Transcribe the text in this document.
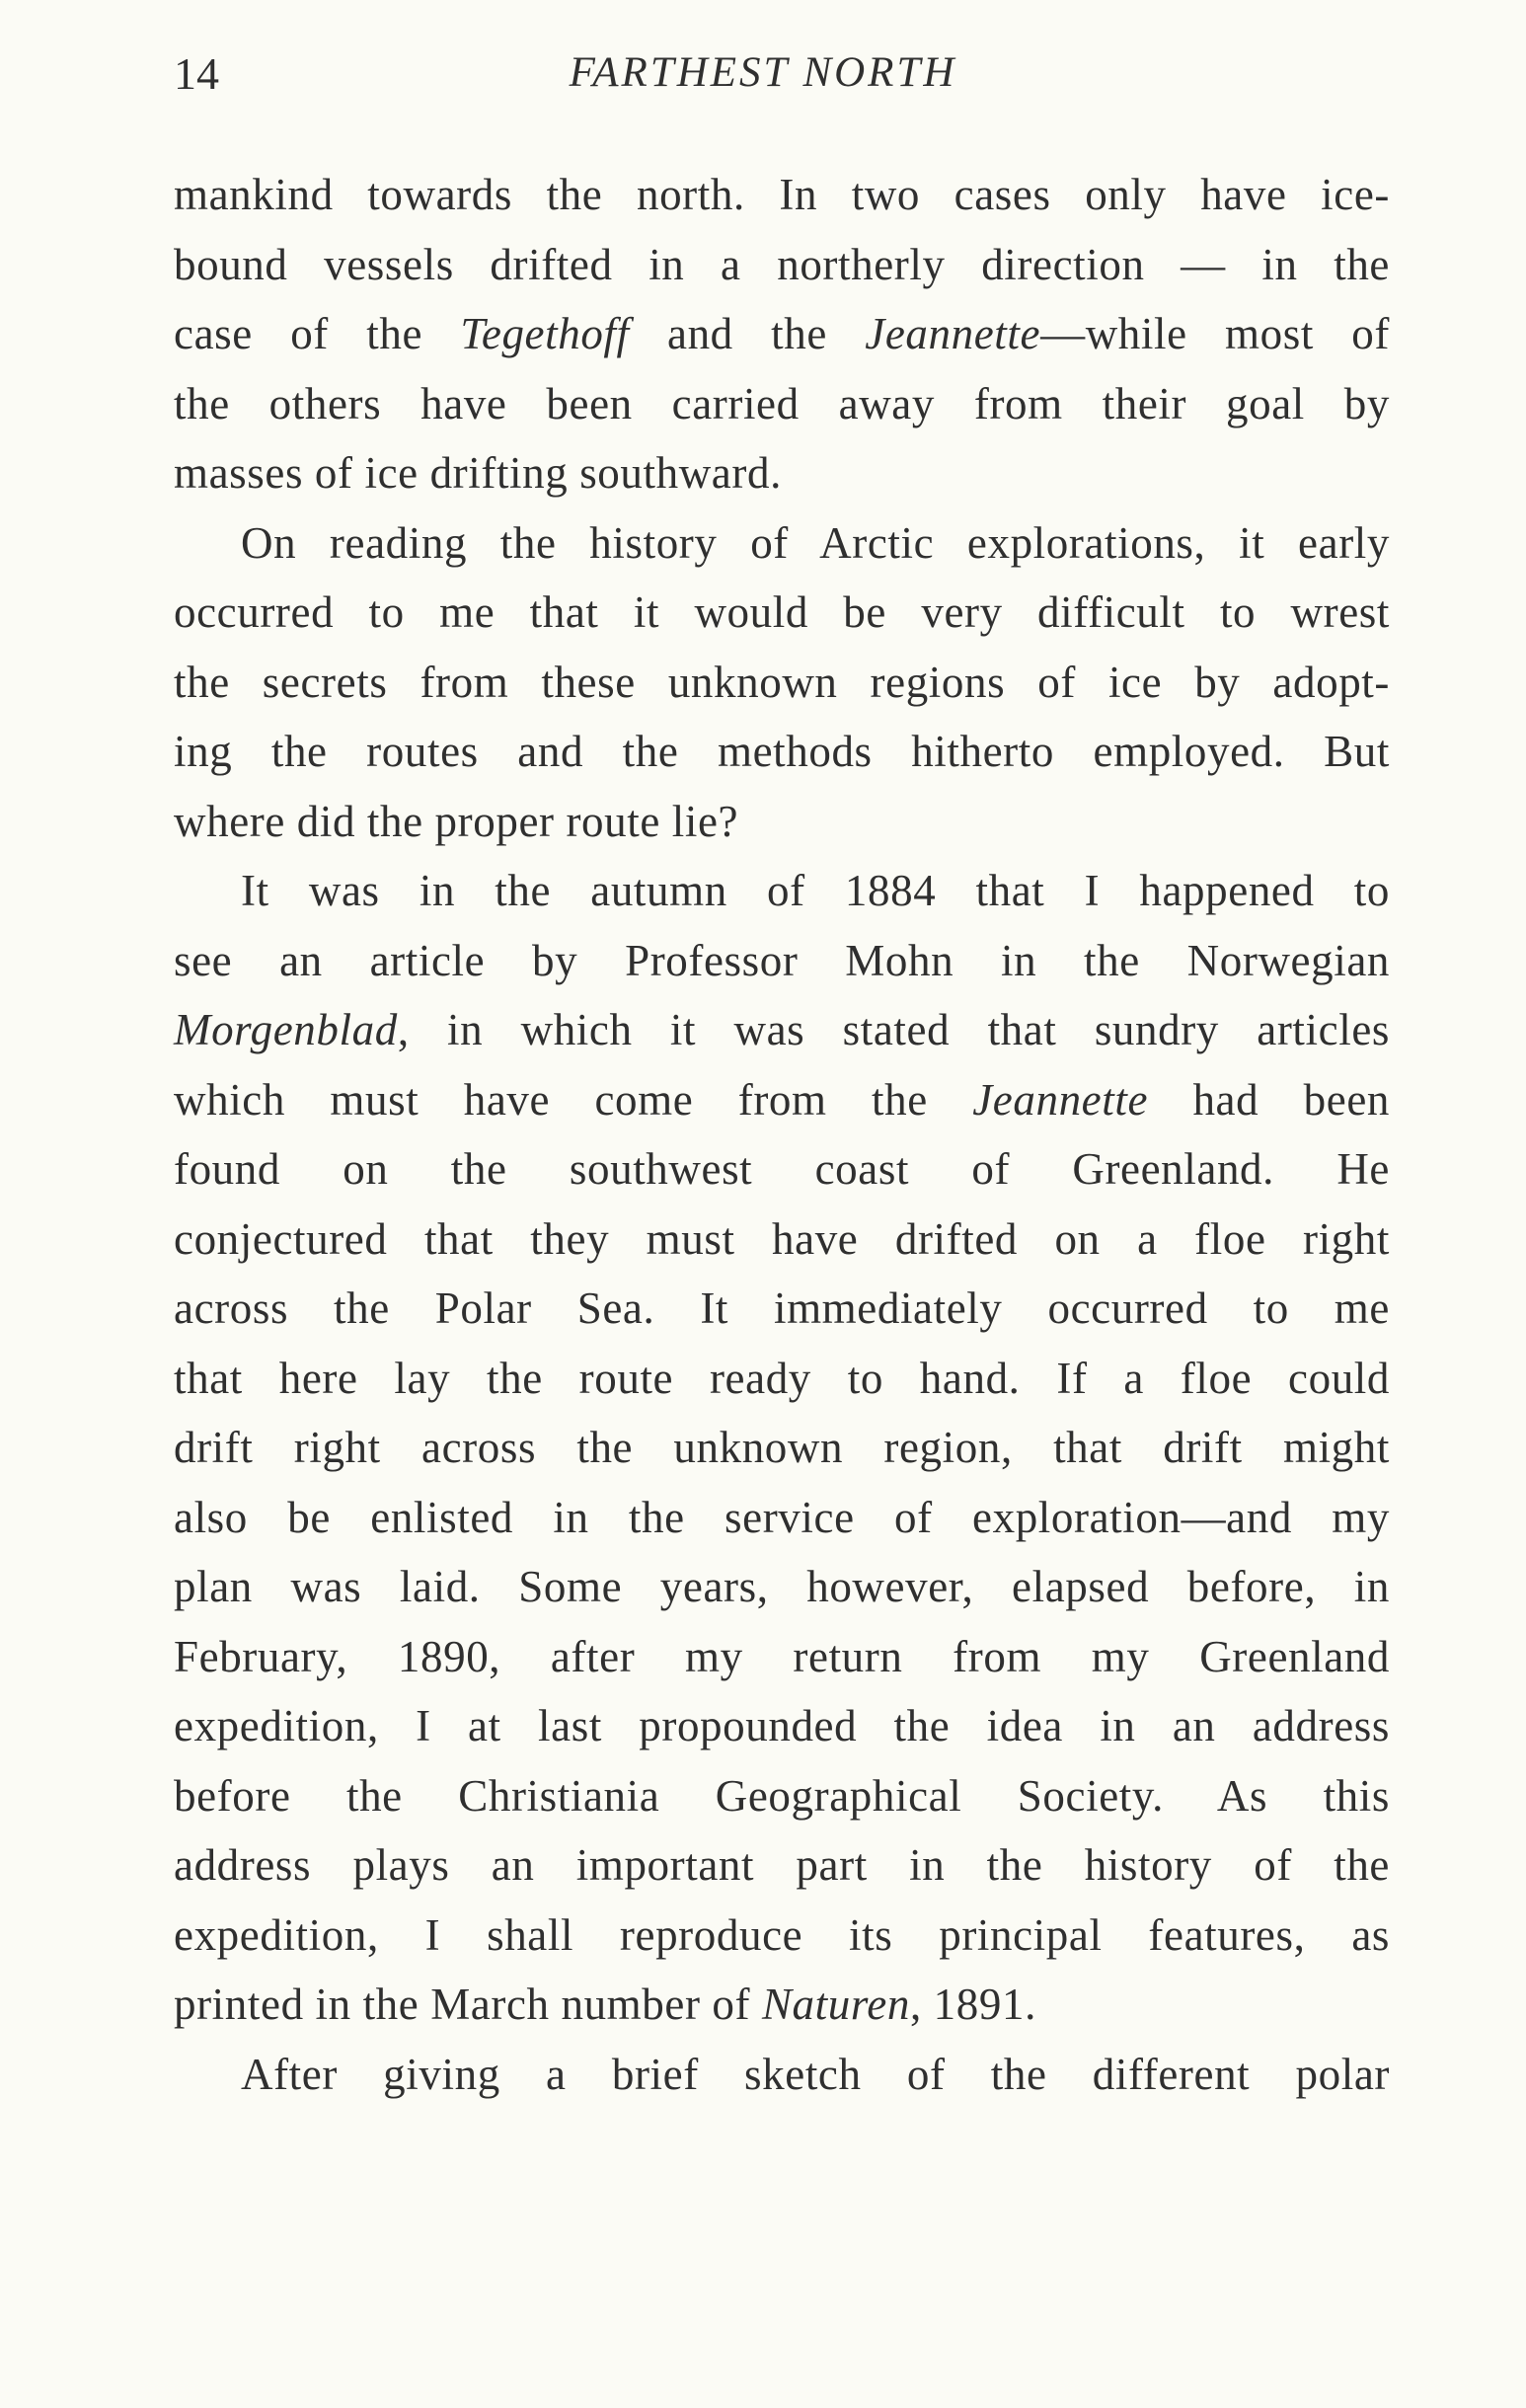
14	FARTHEST NORTH
mankind towards the north. In two cases only have ice-
bound vessels drifted in a northerly direction — in the
case of the Tegethoff and the Jeannette—while most of
the others have been carried away from their goal by
masses of ice drifting southward.
On reading the history of Arctic explorations, it early
occurred to me that it would be very difficult to wrest
the secrets from these unknown regions of ice by adopt-
ing the routes and the methods hitherto employed. But
where did the proper route lie?
It was in the autumn of 1884 that I happened to
see an article by Professor Mohn in the Norwegian
Morgenblad, in which it was stated that sundry articles
which must have come from the Jeannette had been
found on the southwest coast of Greenland. He
conjectured that they must have drifted on a floe right
across the Polar Sea. It immediately occurred to me
that here lay the route ready to hand. If a floe could
drift right across the unknown region, that drift might
also be enlisted in the service of exploration—and my
plan was laid. Some years, however, elapsed before, in
February, 1890, after my return from my Greenland
expedition, I at last propounded the idea in an address
before the Christiania Geographical Society. As this
address plays an important part in the history of the
expedition, I shall reproduce its principal features, as
printed in the March number of Naturen, 1891.
After giving a brief sketch of the different polar
